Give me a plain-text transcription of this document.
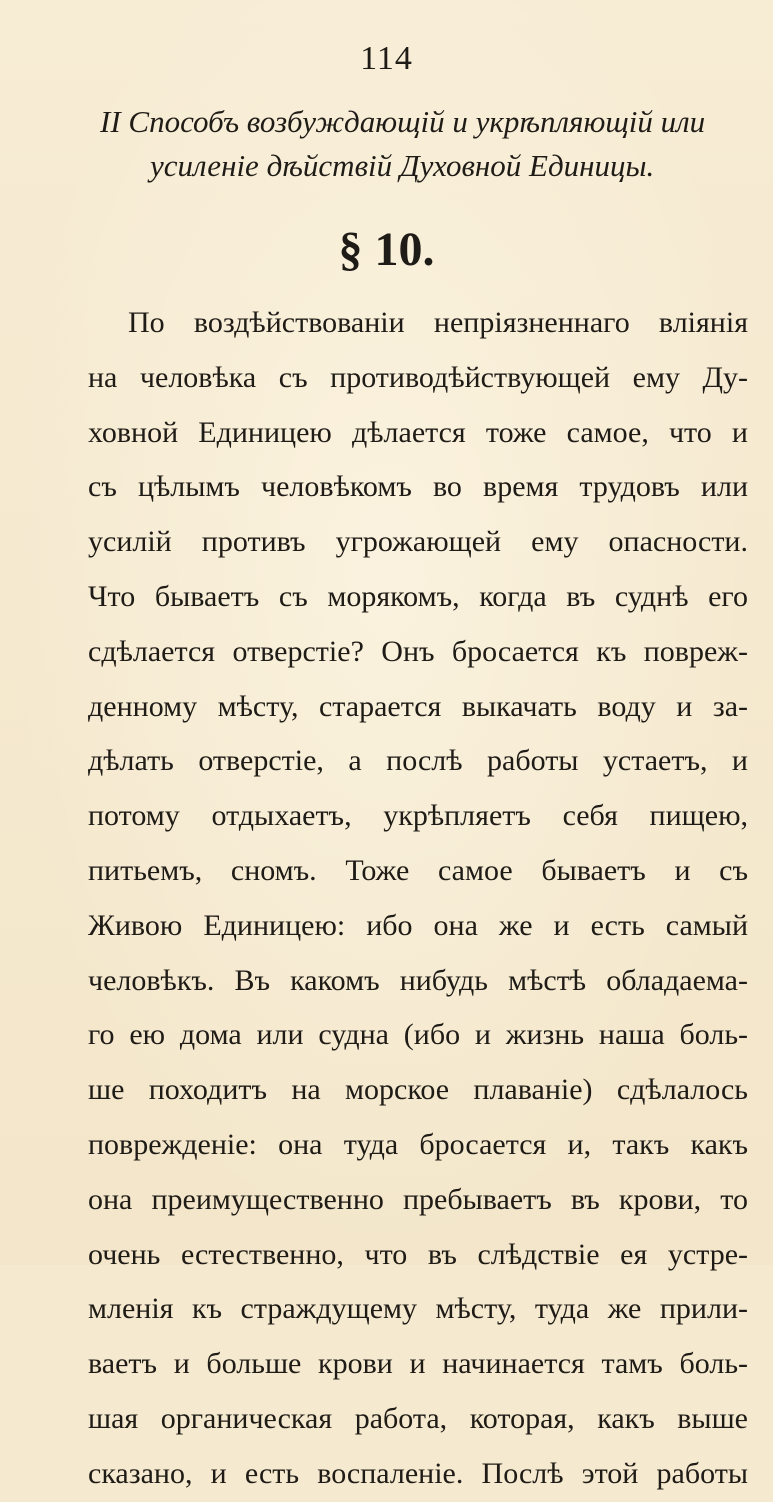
114
II Способъ возбуждающій и укрѣпляющій или
усиленіе дѣйствій Духовной Единицы.
§ 10.
По воздѣйствованіи непріязненнаго вліянія
на человѣка съ противодѣйствующей ему Ду-
ховной Единицею дѣлается тоже самое, что и
съ цѣлымъ человѣкомъ во время трудовъ или
усилій противъ угрожающей ему опасности.
Что бываетъ съ морякомъ, когда въ суднѣ его
сдѣлается отверстіе? Онъ бросается къ повреж-
денному мѣсту, старается выкачать воду и за-
дѣлать отверстіе, а послѣ работы устаетъ, и
потому отдыхаетъ, укрѣпляетъ себя пищею,
питьемъ, сномъ. Тоже самое бываетъ и съ
Живою Единицею: ибо она же и есть самый
человѣкъ. Въ какомъ нибудь мѣстѣ обладаема-
го ею дома или судна (ибо и жизнь наша боль-
ше походитъ на морское плаваніе) сдѣлалось
поврежденіе: она туда бросается и, такъ какъ
она преимущественно пребываетъ въ крови, то
очень естественно, что въ слѣдствіе ея устре-
мленія къ страждущему мѣсту, туда же прили-
ваетъ и больше крови и начинается тамъ боль-
шая органическая работа, которая, какъ выше
сказано, и есть воспаленіе. Послѣ этой работы
